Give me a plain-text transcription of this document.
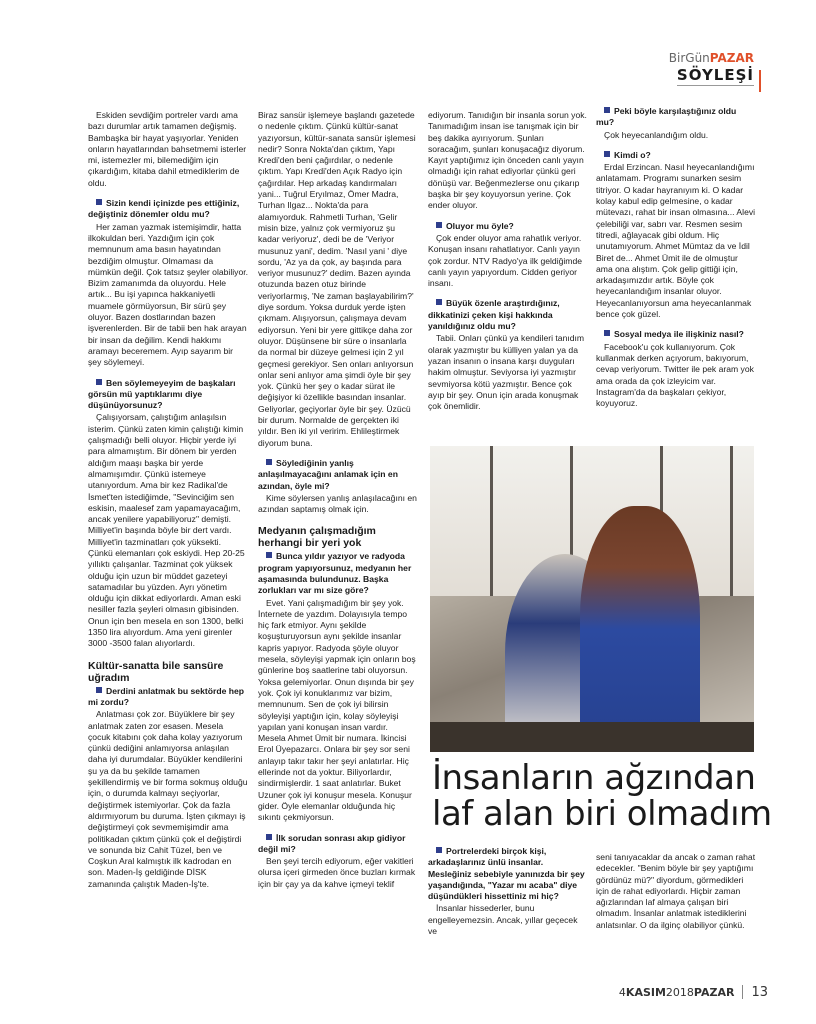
BirGünPAZAR
SÖYLEŞİ

Eskiden sevdiğim portreler vardı ama bazı durumlar artık tamamen değişmiş. Bambaşka bir hayat yaşıyorlar. Yeniden onların hayatlarından bahsetmemi isterler mi, istemezler mi, bilemediğim için çıkardığım, kitaba dahil etmediklerim de oldu.

Sizin kendi içinizde pes ettiğiniz, değiştiniz dönemler oldu mu?

Her zaman yazmak istemişimdir, hatta ilkokuldan beri. Yazdığım için çok memnunum ama basın hayatından bezdiğim olmuştur. Olmaması da mümkün değil. Çok tatsız şeyler olabiliyor. Bizim zamanımda da oluyordu. Hele artık... Bu işi yapınca hakkaniyetli muamele görmüyorsun, Bir sürü şey oluyor. Bazen dostlarından bazen işverenlerden. Bir de tabii ben hak arayan bir insan da değilim. Kendi hakkımı aramayı beceremem. Ayıp sayarım bir şey söylemeyi.

Ben söylemeyeyim de başkaları görsün mü yaptıklarımı diye düşünüyorsunuz?

Çalışıyorsam, çalıştığım anlaşılsın isterim. Çünkü zaten kimin çalıştığı kimin çalışmadığı belli oluyor. Hiçbir yerde iyi para almamıştım. Bir dönem bir yerden aldığım maaşı başka bir yerde almamışımdır. Çünkü istemeye utanıyordum. Ama bir kez Radikal'de İsmet'ten istediğimde, "Sevinciğim sen eskisin, maalesef zam yapamayacağım, ancak yenilere yapabiliyoruz" demişti. Milliyet'in başında böyle bir dert vardı. Milliyet'in tazminatları çok yüksekti. Çünkü elemanları çok eskiydi. Hep 20-25 yıllıktı çalışanlar. Tazminat çok yüksek olduğu için uzun bir müddet gazeteyi satamadılar bu yüzden. Ayrı yönetim olduğu için dikkat ediyorlardı. Aman eski nesiller fazla şeyleri olmasın gibisinden. Onun için ben mesela en son 1300, belki 1350 lira alıyordum. Ama yeni girenler 3000 -3500 falan alıyorlardı.

Kültür-sanatta bile sansüre uğradım
Derdini anlatmak bu sektörde hep mi zordu?

Anlatması çok zor. Büyüklere bir şey anlatmak zaten zor esasen. Mesela çocuk kitabını çok daha kolay yazıyorum çünkü dediğini anlamıyorsa anlaşılan daha iyi durumdalar. Büyükler kendilerini şu ya da bu şekilde tamamen şekillendirmiş ve bir forma sokmuş olduğu için, o durumda kalmayı seçiyorlar, değiştirmek istemiyorlar. Çok da fazla aldırmıyorum bu duruma. İşten çıkmayı iş değiştirmeyi çok sevmemişimdir ama politikadan çıktım çünkü çok el değiştirdi ve sonunda biz Cahit Tüzel, ben ve Coşkun Aral kalmıştık ilk kadrodan en son. Maden-İş geldiğinde DİSK zamanında çalıştık Maden-İş'te.

Biraz sansür işlemeye başlandı gazetede o nedenle çıktım. Çünkü kültür-sanat yazıyorsun, kültür-sanata sansür işlemesi nedir? Sonra Nokta'dan çıktım, Yapı Kredi'den beni çağırdılar, o nedenle çıktım. Yapı Kredi'den Açık Radyo için çağırdılar. Hep arkadaş kandırmaları yani... Tuğrul Eryılmaz, Ömer Madra, Turhan Ilgaz... Nokta'da para alamıyorduk. Rahmetli Turhan, 'Gelir misin bize, yalnız çok vermiyoruz şu kadar veriyoruz', dedi be de 'Veriyor musunuz yani', dedim. 'Nasıl yani ' diye sordu, 'Az ya da çok, ay başında para veriyor musunuz?' dedim. Bazen ayında otuzunda bazen otuz birinde veriyorlarmış, 'Ne zaman başlayabilirim?' diye sordum. Yoksa durduk yerde işten çıkmam. Alışıyorsun, çalışmaya devam ediyorsun. Yeni bir yere gittikçe daha zor oluyor. Düşünsene bir süre o insanlarla da normal bir düzeye gelmesi için 2 yıl geçmesi gerekiyor. Sen onları anlıyorsun onlar seni anlıyor ama şimdi öyle bir şey yok. Çünkü her şey o kadar sürat ile değişiyor ki özellikle basından insanlar. Geliyorlar, geçiyorlar öyle bir şey. Üzücü bir durum. Normalde de gerçekten iki yıldır. Ben iki yıl veririm. Ehlileştirmek diyorum buna.

Söylediğinin yanlış anlaşılmayacağını anlamak için en azından, öyle mi?

Kime söylersen yanlış anlaşılacağını en azından saptamış olmak için.

Medyanın çalışmadığım herhangi bir yeri yok
Bunca yıldır yazıyor ve radyoda program yapıyorsunuz, medyanın her aşamasında bulundunuz. Başka zorlukları var mı size göre?

Evet. Yani çalışmadığım bir şey yok. İnternete de yazdım. Dolayısıyla tempo hiç fark etmiyor. Aynı şekilde koşuşturuyorsun aynı şekilde insanlar kapris yapıyor. Radyoda şöyle oluyor mesela, söyleyişi yapmak için onların boş günlerine boş saatlerine tabi oluyorsun. Yoksa gelemiyorlar. Onun dışında bir şey yok. Çok iyi konuklarımız var bizim, memnunum. Sen de çok iyi bilirsin söyleyişi yaptığın için, kolay söyleyişi yapılan yani konuşan insan vardır. Mesela Ahmet Ümit bir numara. İkincisi Erol Üyepazarcı. Onlara bir şey sor seni anlayıp takır takır her şeyi anlatırlar. Hiç ellerinde not da yoktur. Biliyorlardır, sindirmişlerdir. 1 saat anlatırlar. Buket Uzuner çok iyi konuşur mesela. Konuşur gider. Öyle elemanlar olduğunda hiç sıkıntı çekmiyorsun.

İlk sorudan sonrası akıp gidiyor değil mi?

Ben şeyi tercih ediyorum, eğer vakitleri olursa içeri girmeden önce buzları kırmak için bir çay ya da kahve içmeyi teklif

ediyorum. Tanıdığın bir insanla sorun yok. Tanımadığım insan ise tanışmak için bir beş dakika ayırıyorum. Şunları soracağım, şunları konuşacağız diyorum. Kayıt yaptığımız için önceden canlı yayın olmadığı için rahat ediyorlar çünkü geri dönüşü var. Beğenmezlerse onu çıkarıp başka bir şey koyuyorsun yerine. Çok ender oluyor.

Oluyor mu öyle?

Çok ender oluyor ama rahatlık veriyor. Konuşan insanı rahatlatıyor. Canlı yayın çok zordur. NTV Radyo'ya ilk geldiğimde canlı yayın yapıyordum. Cidden geriyor insanı.

Büyük özenle araştırdığınız, dikkatinizi çeken kişi hakkında yanıldığınız oldu mu?

Tabii. Onları çünkü ya kendileri tanıdım olarak yazmıştır bu külliyen yalan ya da yazan insanın o insana karşı duyguları hakim olmuştur. Seviyorsa iyi yazmıştır sevmiyorsa kötü yazmıştır. Bence çok ayıp bir şey. Onun için arada konuşmak çok önemlidir.

Peki böyle karşılaştığınız oldu mu?

Çok heyecanlandığım oldu.

Kimdi o?

Erdal Erzincan. Nasıl heyecanlandığımı anlatamam. Programı sunarken sesim titriyor. O kadar hayranıyım ki. O kadar kolay kabul edip gelmesine, o kadar mütevazı, rahat bir insan olmasına... Alevi çelebiliği var, sabrı var. Resmen sesim titredi, ağlayacak gibi oldum. Hiç unutamıyorum. Ahmet Mümtaz da ve İdil Biret de... Ahmet Ümit ile de olmuştur ama ona alıştım. Çok gelip gittiği için, arkadaşımızdır artık. Böyle çok heyecanlandığım insanlar oluyor. Heyecanlanıyorsun ama heyecanlanmak bence çok güzel.

Sosyal medya ile ilişkiniz nasıl?

Facebook'u çok kullanıyorum. Çok kullanmak derken açıyorum, bakıyorum, cevap veriyorum. Twitter ile pek aram yok ama orada da çok izleyicim var. Instagram'da da başkaları çekiyor, koyuyoruz.

İnsanların ağzından
laf alan biri olmadım
Portrelerdeki birçok kişi, arkadaşlarınız ünlü insanlar. Mesleğiniz sebebiyle yanınızda bir şey yaşandığında, "Yazar mı acaba" diye düşündükleri hissettiniz mi hiç?

İnsanlar hissederler, bunu engelleyemezsin. Ancak, yıllar geçecek ve

seni tanıyacaklar da ancak o zaman rahat edecekler. "Benim böyle bir şey yaptığımı gördünüz mü?" diyordum, görmedikleri için de rahat ediyorlardı. Hiçbir zaman ağızlarından laf almaya çalışan biri olmadım. İnsanlar anlatmak istediklerini anlatsınlar. O da ilginç olabiliyor çünkü.

4KASIM2018PAZAR 13
